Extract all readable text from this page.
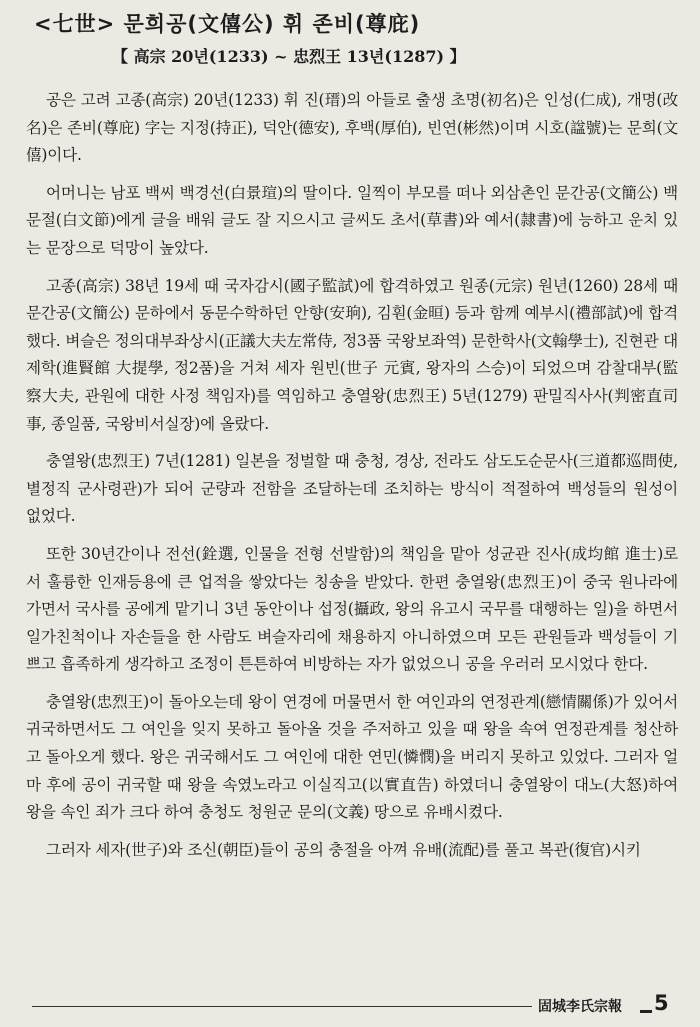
<七世> 문희공(文僖公) 휘 존비(尊庇)
【 高宗 20년(1233) ~ 忠烈王 13년(1287) 】

공은 고려 고종(高宗) 20년(1233) 휘 진(瑨)의 아들로 출생 초명(初名)은 인성(仁成), 개명(改名)은 존비(尊庇) 字는 지정(持正), 덕안(德安), 후백(厚伯), 빈연(彬然)이며 시호(諡號)는 문희(文僖)이다.

어머니는 남포 백씨 백경선(白景瑄)의 딸이다. 일찍이 부모를 떠나 외삼촌인 문간공(文簡公) 백문절(白文節)에게 글을 배워 글도 잘 지으시고 글씨도 초서(草書)와 예서(隷書)에 능하고 운치 있는 문장으로 덕망이 높았다.

고종(高宗) 38년 19세 때 국자감시(國子監試)에 합격하였고 원종(元宗) 원년(1260) 28세 때 문간공(文簡公) 문하에서 동문수학하던 안향(安珦), 김훤(金晅) 등과 함께 예부시(禮部試)에 합격했다. 벼슬은 정의대부좌상시(正議大夫左常侍, 정3품 국왕보좌역) 문한학사(文翰學士), 진현관 대제학(進賢館 大提學, 정2품)을 거쳐 세자 원빈(世子 元賓, 왕자의 스승)이 되었으며 감찰대부(監察大夫, 관원에 대한 사정 책임자)를 역임하고 충열왕(忠烈王) 5년(1279) 판밀직사사(判密直司事, 종일품, 국왕비서실장)에 올랐다.

충열왕(忠烈王) 7년(1281) 일본을 정벌할 때 충청, 경상, 전라도 삼도도순문사(三道都巡問使, 별정직 군사령관)가 되어 군량과 전함을 조달하는데 조치하는 방식이 적절하여 백성들의 원성이 없었다.

또한 30년간이나 전선(銓選, 인물을 전형 선발함)의 책임을 맡아 성균관 진사(成均館 進士)로서 훌륭한 인재등용에 큰 업적을 쌓았다는 칭송을 받았다. 한편 충열왕(忠烈王)이 중국 원나라에 가면서 국사를 공에게 맡기니 3년 동안이나 섭정(攝政, 왕의 유고시 국무를 대행하는 일)을 하면서 일가친척이나 자손들을 한 사람도 벼슬자리에 채용하지 아니하였으며 모든 관원들과 백성들이 기쁘고 흡족하게 생각하고 조정이 튼튼하여 비방하는 자가 없었으니 공을 우러러 모시었다 한다.

충열왕(忠烈王)이 돌아오는데 왕이 연경에 머물면서 한 여인과의 연정관계(戀情關係)가 있어서 귀국하면서도 그 여인을 잊지 못하고 돌아올 것을 주저하고 있을 때 왕을 속여 연정관계를 청산하고 돌아오게 했다. 왕은 귀국해서도 그 여인에 대한 연민(憐憫)을 버리지 못하고 있었다. 그러자 얼마 후에 공이 귀국할 때 왕을 속였노라고 이실직고(以實直告) 하였더니 충열왕이 대노(大怒)하여 왕을 속인 죄가 크다 하여 충청도 청원군 문의(文義) 땅으로 유배시켰다.

그러자 세자(世子)와 조신(朝臣)들이 공의 충절을 아껴 유배(流配)를 풀고 복관(復官)시키

固城李氏宗報 5
